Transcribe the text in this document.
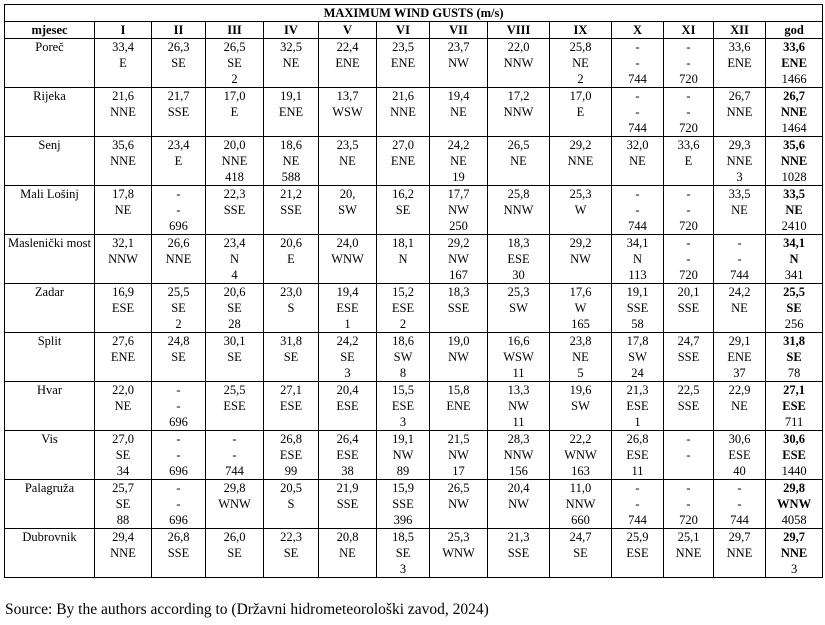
MAXIMUM WIND GUSTS (m/s)													
mjesec	I	II	III	IV	V	VI	VII	VIII	IX	X	XI	XII	god
Poreč	33,4	26,3	26,5	32,5	22,4	23,5	23,7	22,0	25,8	-	-	33,6	33,6
	E	SE	SE	NE	ENE	ENE	NW	NNW	NE	-	-	ENE	ENE
			2						2	744	720		1466
Rijeka	21,6	21,7	17,0	19,1	13,7	21,6	19,4	17,2	17,0	-	-	26,7	26,7
	NNE	SSE	E	ENE	WSW	NNE	NE	NNW	E	-	-	NNE	NNE
										744	720		1464
Senj	35,6	23,4	20,0	18,6	23,5	27,0	24,2	26,5	29,2	32,0	33,6	29,3	35,6
	NNE	E	NNE	NE	NE	ENE	NE	NE	NNE	NE	E	NNE	NNE
			418	588			19					3	1028
Mali Lošinj	17,8	-	22,3	21,2	20,	16,2	17,7	25,8	25,3	-	-	33,5	33,5
	NE	-	SSE	SSE	SW	SE	NW	NNW	W	-	-	NE	NE
		696					250			744	720		2410
Maslenički most	32,1	26,6	23,4	20,6	24,0	18,1	29,2	18,3	29,2	34,1	-	-	34,1
	NNW	NNE	N	E	WNW	N	NW	ESE	NW	N	-	-	N
			4				167	30		113	720	744	341
Zadar	16,9	25,5	20,6	23,0	19,4	15,2	18,3	25,3	17,6	19,1	20,1	24,2	25,5
	ESE	SE	SE	S	ESE	ESE	SSE	SW	W	SSE	SSE	NE	SE
		2	28		1	2			165	58			256
Split	27,6	24,8	30,1	31,8	24,2	18,6	19,0	16,6	23,8	17,8	24,7	29,1	31,8
	ENE	SE	SE	SE	SE	SW	NW	WSW	NE	SW	SSE	ENE	SE
					3	8		11	5	24		37	78
Hvar	22,0	-	25,5	27,1	20,4	15,5	15,8	13,3	19,6	21,3	22,5	22,9	27,1
	NE	-	ESE	ESE	ESE	ESE	ENE	NW	SW	ESE	SSE	NE	ESE
		696				3		11		1			711
Vis	27,0	-	-	26,8	26,4	19,1	21,5	28,3	22,2	26,8	-	30,6	30,6
	SE	-	-	ESE	ESE	NW	NW	NNW	WNW	ESE	-	ESE	ESE
	34	696	744	99	38	89	17	156	163	11		40	1440
Palagruža	25,7	-	29,8	20,5	21,9	15,9	26,5	20,4	11,0	-	-	-	29,8
	SE	-	WNW	S	SSE	SSE	NW	NW	NNW	-	-	-	WNW
	88	696				396			660	744	720	744	4058
Dubrovnik	29,4	26,8	26,0	22,3	20,8	18,5	25,3	21,3	24,7	25,9	25,1	29,7	29,7
	NNE	SSE	SE	SE	NE	SE	WNW	SSE	SE	ESE	NNE	NNE	NNE
						3							3
Source: By the authors according to (Državni hidrometeorološki zavod, 2024)
